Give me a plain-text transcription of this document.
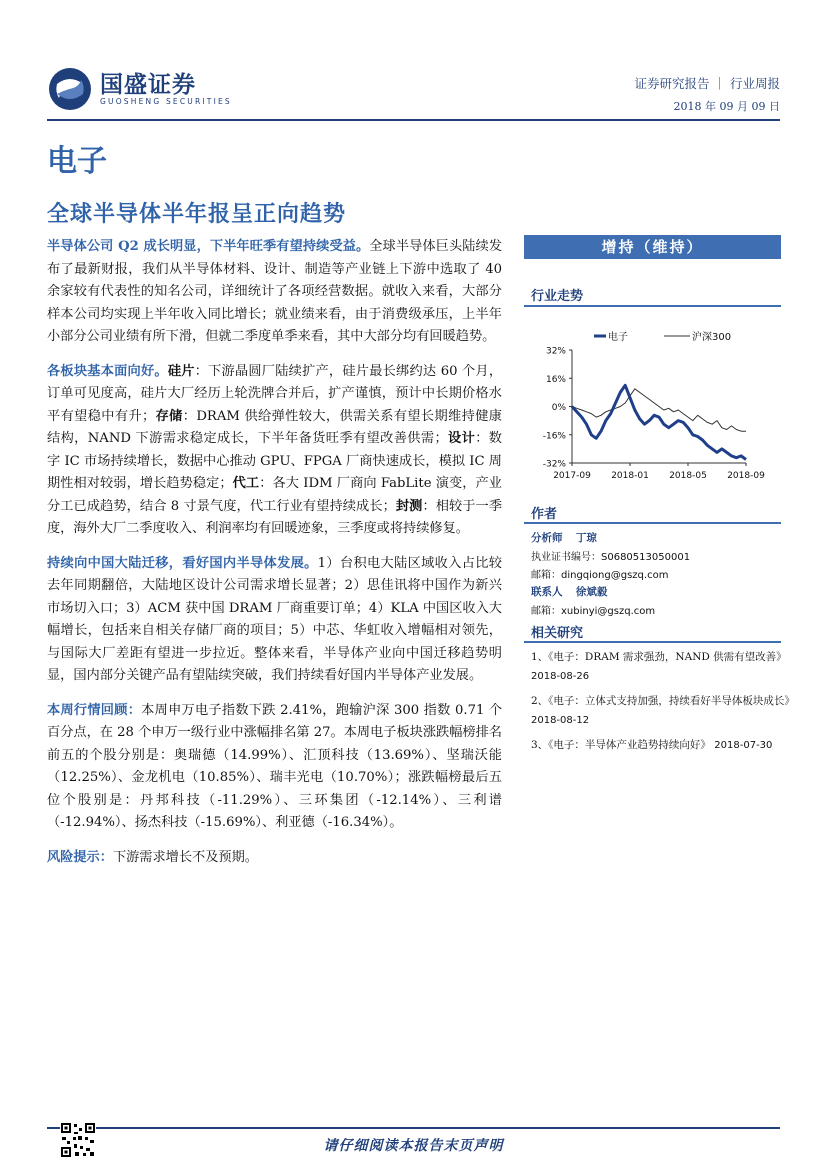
国盛证券
GUOSHENG SECURITIES
证券研究报告 ｜ 行业周报
2018 年 09 月 09 日
电子
全球半导体半年报呈正向趋势

半导体公司 Q2 成长明显，下半年旺季有望持续受益。全球半导体巨头陆续发布了最新财报，我们从半导体材料、设计、制造等产业链上下游中选取了 40 余家较有代表性的知名公司，详细统计了各项经营数据。就收入来看，大部分样本公司均实现上半年收入同比增长；就业绩来看，由于消费级承压，上半年小部分公司业绩有所下滑，但就二季度单季来看，其中大部分均有回暖趋势。

各板块基本面向好。硅片：下游晶圆厂陆续扩产，硅片最长绑约达 60 个月，订单可见度高，硅片大厂经历上轮洗牌合并后，扩产谨慎，预计中长期价格水平有望稳中有升；存储：DRAM 供给弹性较大，供需关系有望长期维持健康结构，NAND 下游需求稳定成长，下半年备货旺季有望改善供需；设计：数字 IC 市场持续增长，数据中心推动 GPU、FPGA 厂商快速成长，模拟 IC 周期性相对较弱，增长趋势稳定；代工：各大 IDM 厂商向 FabLite 演变，产业分工已成趋势，结合 8 寸景气度，代工行业有望持续成长；封测：相较于一季度，海外大厂二季度收入、利润率均有回暖迹象，三季度或将持续修复。

持续向中国大陆迁移，看好国内半导体发展。1）台积电大陆区域收入占比较去年同期翻倍，大陆地区设计公司需求增长显著；2）思佳讯将中国作为新兴市场切入口；3）ACM 获中国 DRAM 厂商重要订单；4）KLA 中国区收入大幅增长，包括来自相关存储厂商的项目；5）中芯、华虹收入增幅相对领先，与国际大厂差距有望进一步拉近。整体来看，半导体产业向中国迁移趋势明显，国内部分关键产品有望陆续突破，我们持续看好国内半导体产业发展。

本周行情回顾：本周申万电子指数下跌 2.41%，跑输沪深 300 指数 0.71 个百分点，在 28 个申万一级行业中涨幅排名第 27。本周电子板块涨跌幅榜排名前五的个股分别是：奥瑞德（14.99%）、汇顶科技（13.69%）、坚瑞沃能（12.25%）、金龙机电（10.85%）、瑞丰光电（10.70%）；涨跌幅榜最后五位个股别是：丹邦科技（-11.29%）、三环集团（-12.14%）、三利谱（-12.94%）、扬杰科技（-15.69%）、利亚德（-16.34%）。

风险提示：下游需求增长不及预期。

增持（维持）
行业走势
电子	沪深300
32%
16%
0%
-16%
-32%
2017-09 2018-01 2018-05 2018-09
作者
分析师 丁琼
执业证书编号：S0680513050001
邮箱：dingqiong@gszq.com
联系人 徐斌毅
邮箱：xubinyi@gszq.com
相关研究
1、《电子：DRAM 需求强劲，NAND 供需有望改善》
2018-08-26
2、《电子：立体式支持加强，持续看好半导体板块成长》
2018-08-12
3、《电子：半导体产业趋势持续向好》 2018-07-30
请仔细阅读本报告末页声明
